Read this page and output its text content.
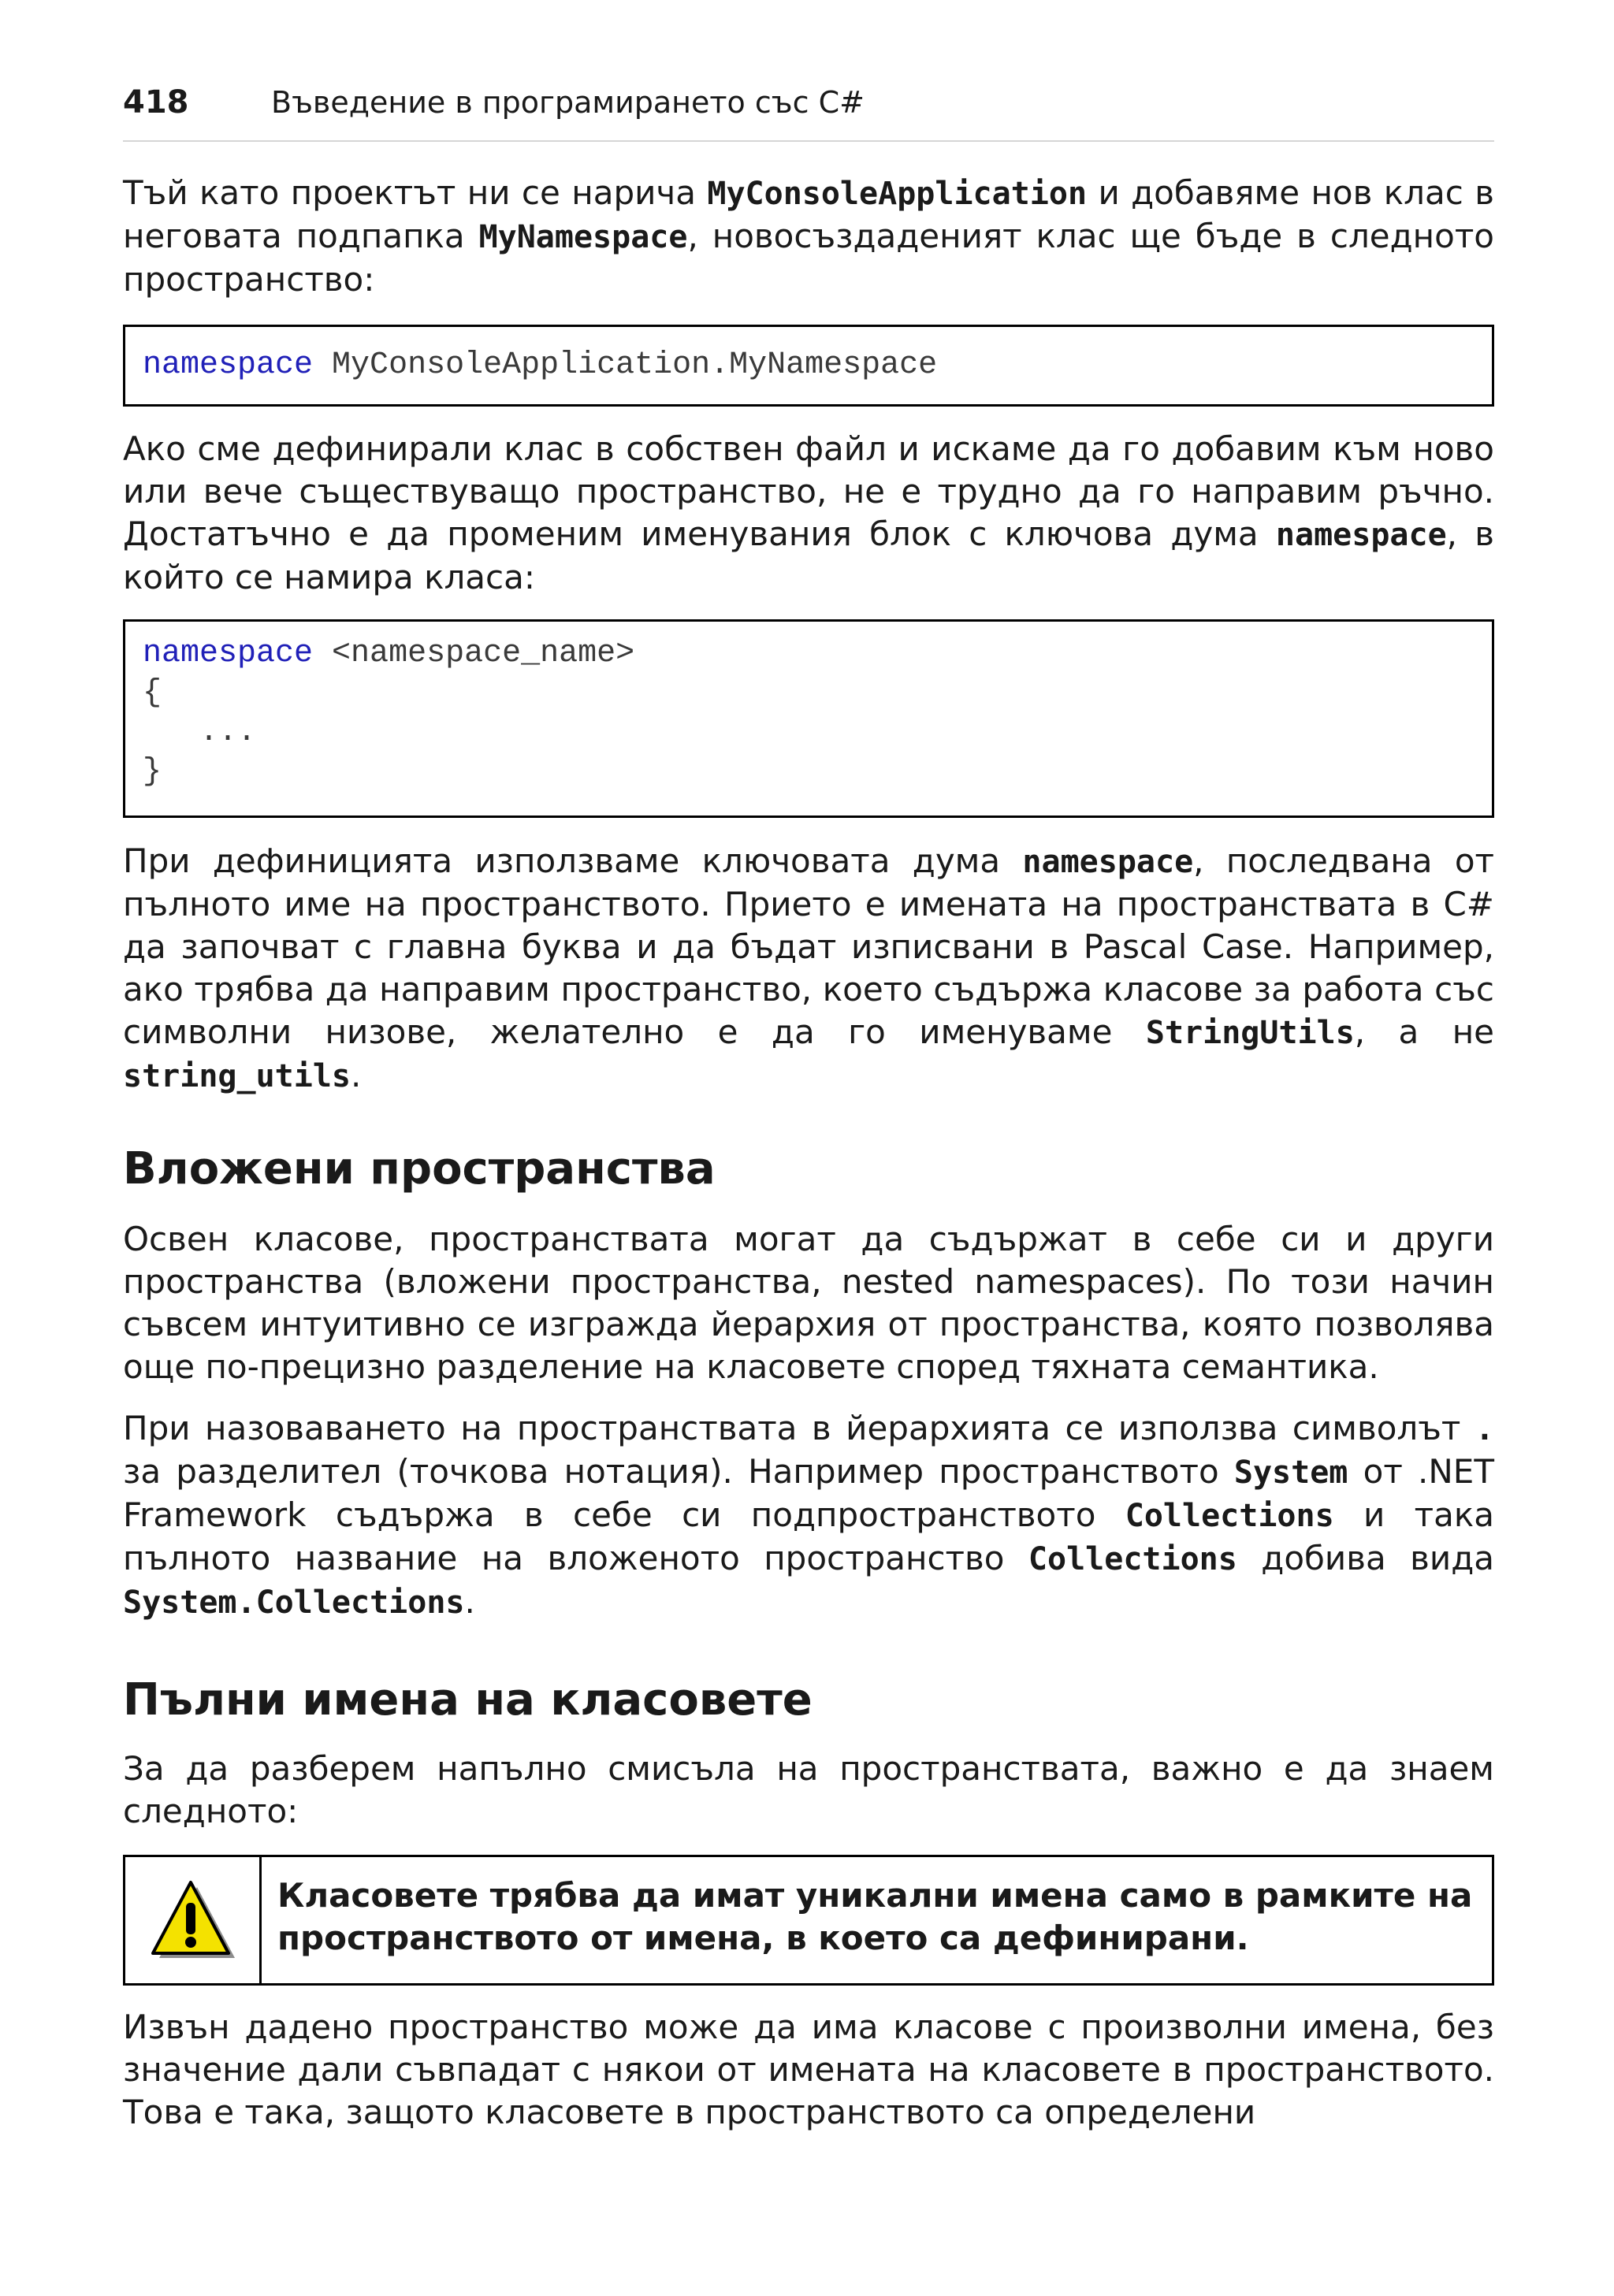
418	Въведение в програмирането със C#

Тъй като проектът ни се нарича MyConsoleApplication и добавяме нов клас в неговата подпапка MyNamespace, новосъздаденият клас ще бъде в следното пространство:

namespace MyConsoleApplication.MyNamespace

Ако сме дефинирали клас в собствен файл и искаме да го добавим към ново или вече съществуващо пространство, не е трудно да го направим ръчно. Достатъчно е да променим именувания блок с ключова дума namespace, в който се намира класа:

namespace <namespace_name>
{
...
}

При дефиницията използваме ключовата дума namespace, последвана от пълното име на пространството. Прието е имената на пространствата в C# да започват с главна буква и да бъдат изписвани в Pascal Case. Например, ако трябва да направим пространство, което съдържа класове за работа със символни низове, желателно е да го именуваме StringUtils, а не string_utils.

Вложени пространства

Освен класове, пространствата могат да съдържат в себе си и други пространства (вложени пространства, nested namespaces). По този начин съвсем интуитивно се изгражда йерархия от пространства, която позволява още по-прецизно разделение на класовете според тяхната семантика.

При назоваването на пространствата в йерархията се използва символът . за разделител (точкова нотация). Например пространството System от .NET Framework съдържа в себе си подпространството Collections и така пълното название на вложеното пространство Collections добива вида System.Collections.

Пълни имена на класовете

За да разберем напълно смисъла на пространствата, важно е да знаем следното:

Класовете трябва да имат уникални имена само в рамките на пространството от имена, в което са дефинирани.

Извън дадено пространство може да има класове с произволни имена, без значение дали съвпадат с някои от имената на класовете в пространството. Това е така, защото класовете в пространството са определени
